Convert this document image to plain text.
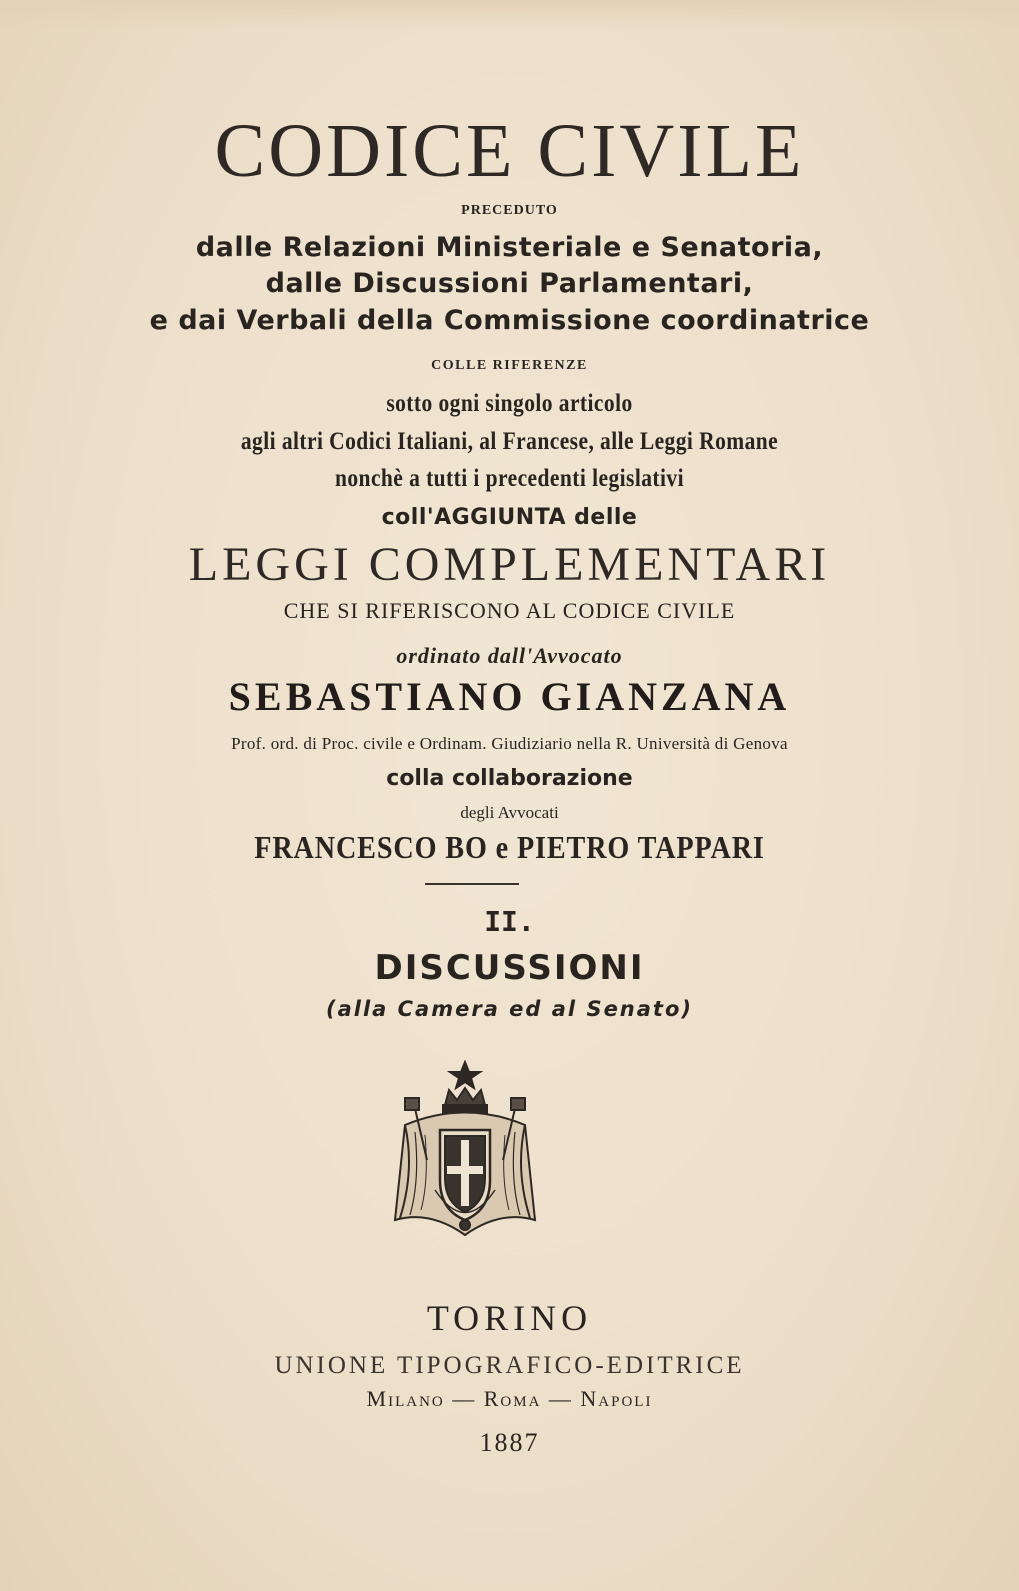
CODICE CIVILE
PRECEDUTO
dalle Relazioni Ministeriale e Senatoria,
dalle Discussioni Parlamentari,
e dai Verbali della Commissione coordinatrice
COLLE RIFERENZE
sotto ogni singolo articolo
agli altri Codici Italiani, al Francese, alle Leggi Romane
nonchè a tutti i precedenti legislativi
coll'AGGIUNTA delle
LEGGI COMPLEMENTARI
CHE SI RIFERISCONO AL CODICE CIVILE
ordinato dall'Avvocato
SEBASTIANO GIANZANA
Prof. ord. di Proc. civile e Ordinam. Giudiziario nella R. Università di Genova
colla collaborazione
degli Avvocati
FRANCESCO BO e PIETRO TAPPARI
II.
DISCUSSIONI
(alla Camera ed al Senato)
TORINO
UNIONE TIPOGRAFICO-EDITRICE
Milano — Roma — Napoli
1887
